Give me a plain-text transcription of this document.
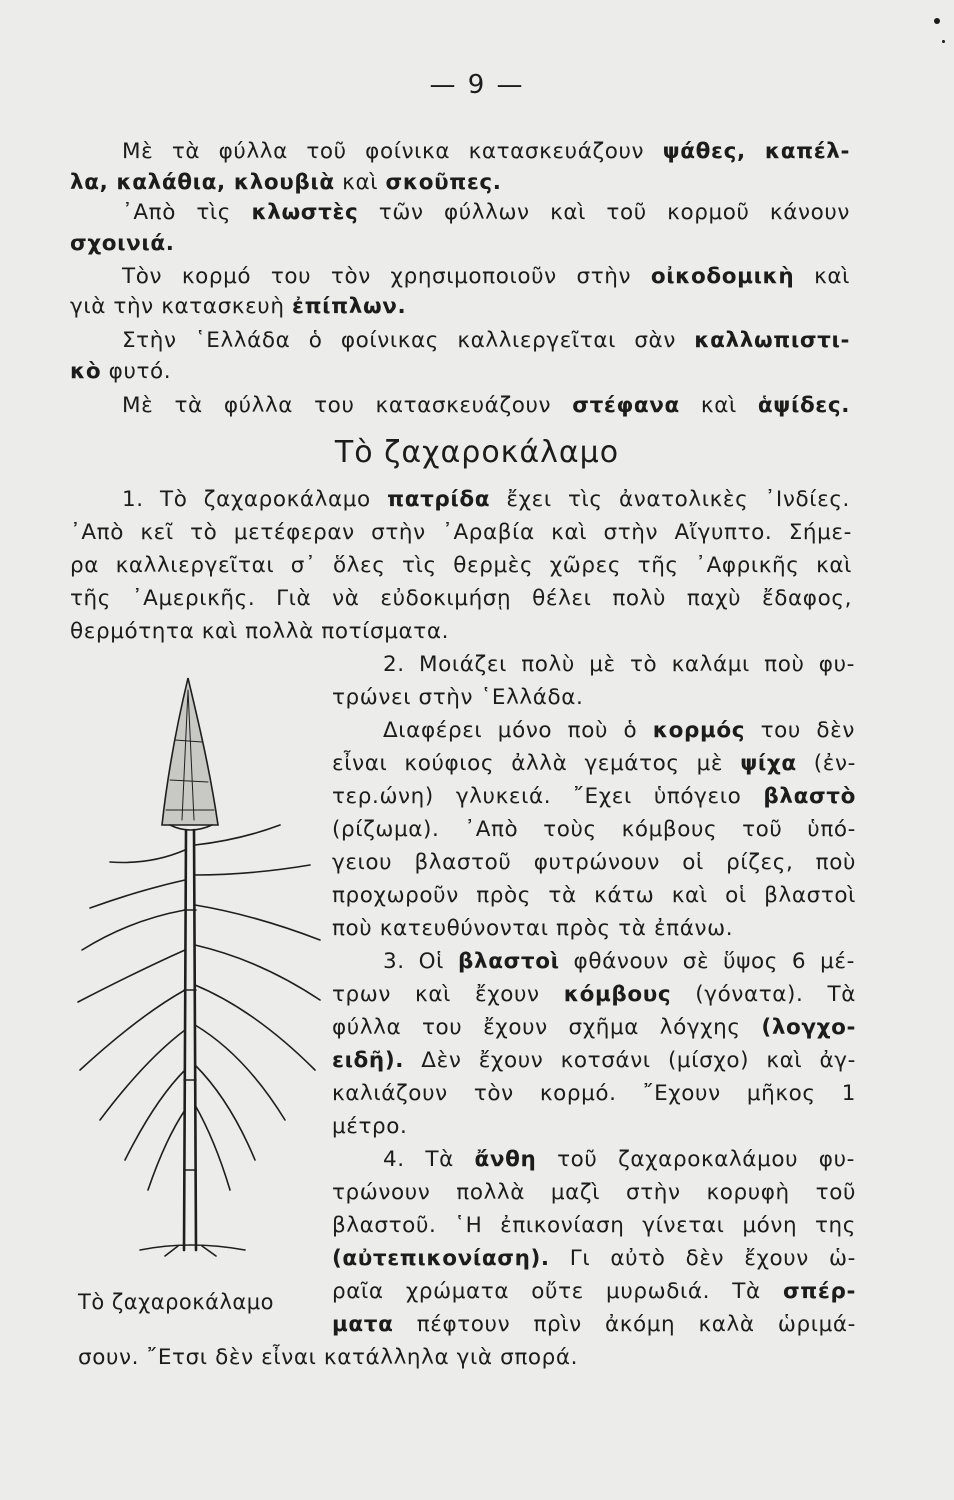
— 9 —
Μὲ τὰ φύλλα τοῦ φοίνικα κατασκευάζουν ψάθες, καπέλ-
λα, καλάθια, κλουβιὰ καὶ σκοῦπες.
᾿Απὸ τὶς κλωστὲς τῶν φύλλων καὶ τοῦ κορμοῦ κάνουν
σχοινιά.
Τὸν κορμό του τὸν χρησιμοποιοῦν στὴν οἰκοδομικὴ καὶ
γιὰ τὴν κατασκευὴ ἐπίπλων.
Στὴν ῾Ελλάδα ὁ φοίνικας καλλιεργεῖται σὰν καλλωπιστι-
κὸ φυτό.
Μὲ τὰ φύλλα του κατασκευάζουν στέφανα καὶ ἁψίδες.
Τὸ ζαχαροκάλαμο
1. Τὸ ζαχαροκάλαμο πατρίδα ἔχει τὶς ἀνατολικὲς ᾿Ινδίες.
᾿Απὸ κεῖ τὸ μετέφεραν στὴν ᾿Αραβία καὶ στὴν Αἴγυπτο. Σήμε-
ρα καλλιεργεῖται σ᾿ ὅλες τὶς θερμὲς χῶρες τῆς ᾿Αφρικῆς καὶ
τῆς ᾿Αμερικῆς. Γιὰ νὰ εὐδοκιμήσῃ θέλει πολὺ παχὺ ἔδαφος,
θερμότητα καὶ πολλὰ ποτίσματα.
2. Μοιάζει πολὺ μὲ τὸ καλάμι ποὺ φυ-
τρώνει στὴν ῾Ελλάδα.
Διαφέρει μόνο ποὺ ὁ κορμός του δὲν
εἶναι κούφιος ἀλλὰ γεμάτος μὲ ψίχα (ἐν-
τερ.ώνη) γλυκειά. ῎Εχει ὑπόγειο βλαστὸ
(ρίζωμα). ᾿Απὸ τοὺς κόμβους τοῦ ὑπό-
γειου βλαστοῦ φυτρώνουν οἱ ρίζες, ποὺ
προχωροῦν πρὸς τὰ κάτω καὶ οἱ βλαστοὶ
ποὺ κατευθύνονται πρὸς τὰ ἐπάνω.
3. Οἱ βλαστοὶ φθάνουν σὲ ὕψος 6 μέ-
τρων καὶ ἔχουν κόμβους (γόνατα). Τὰ
φύλλα του ἔχουν σχῆμα λόγχης (λογχο-
ειδῆ). Δὲν ἔχουν κοτσάνι (μίσχο) καὶ ἀγ-
καλιάζουν τὸν κορμό. ῎Εχουν μῆκος 1
μέτρο.
4. Τὰ ἄνθη τοῦ ζαχαροκαλάμου φυ-
τρώνουν πολλὰ μαζὶ στὴν κορυφὴ τοῦ
βλαστοῦ. ῾Η ἐπικονίαση γίνεται μόνη της
(αὐτεπικονίαση). Γι αὐτὸ δὲν ἔχουν ὡ-
ραῖα χρώματα οὔτε μυρωδιά. Τὰ σπέρ-
ματα πέφτουν πρὶν ἀκόμη καλὰ ὡριμά-
σουν. ῎Ετσι δὲν εἶναι κατάλληλα γιὰ σπορά.
Τὸ ζαχαροκάλαμο
